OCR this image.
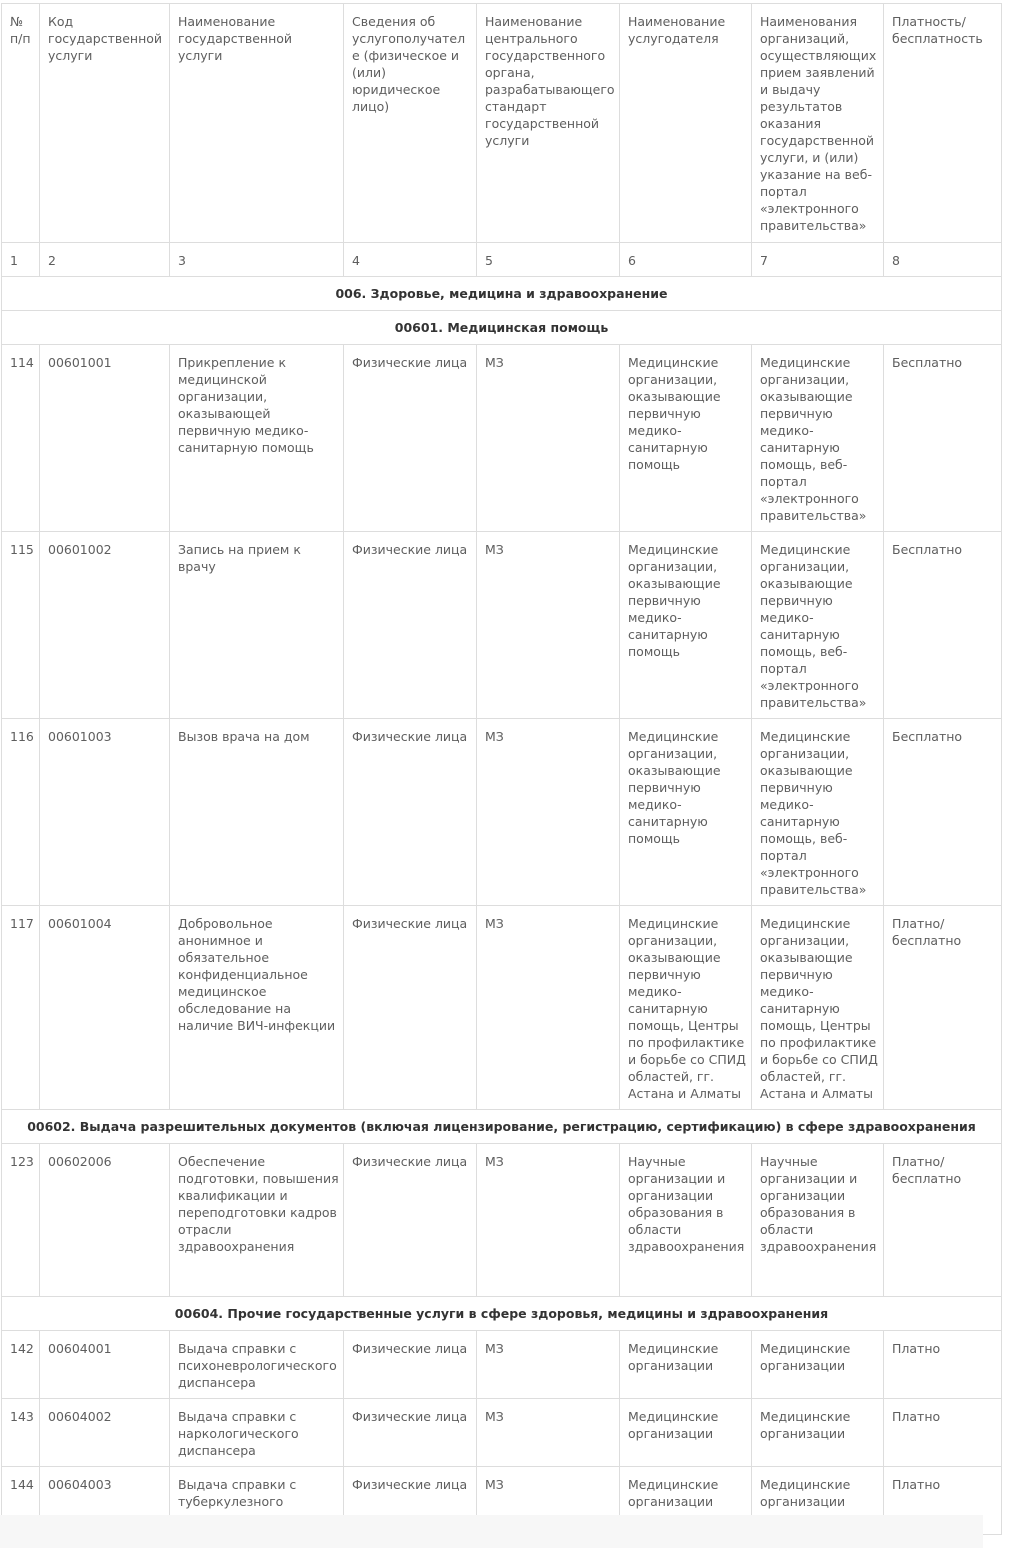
№ п/п	Код государственной услуги	Наименование государственной услуги	Сведения об услугополучателе (физическое и (или) юридическое лицо)	Наименование центрального государственного органа, разрабатывающего стандарт государственной услуги	Наименование услугодателя	Наименования организаций, осуществляющих прием заявлений и выдачу результатов оказания государственной услуги, и (или) указание на веб-портал «электронного правительства»	Платность/ бесплатность
1	2	3	4	5	6	7	8
006. Здоровье, медицина и здравоохранение							
00601. Медицинская помощь							
114	00601001	Прикрепление к медицинской организации, оказывающей первичную медико-санитарную помощь	Физические лица	МЗ	Медицинские организации, оказывающие первичную медико-санитарную помощь	Медицинские организации, оказывающие первичную медико-санитарную помощь, веб-портал «электронного правительства»	Бесплатно
115	00601002	Запись на прием к врачу	Физические лица	МЗ	Медицинские организации, оказывающие первичную медико-санитарную помощь	Медицинские организации, оказывающие первичную медико-санитарную помощь, веб-портал «электронного правительства»	Бесплатно
116	00601003	Вызов врача на дом	Физические лица	МЗ	Медицинские организации, оказывающие первичную медико-санитарную помощь	Медицинские организации, оказывающие первичную медико-санитарную помощь, веб-портал «электронного правительства»	Бесплатно
117	00601004	Добровольное анонимное и обязательное конфиденциальное медицинское обследование на наличие ВИЧ-инфекции	Физические лица	МЗ	Медицинские организации, оказывающие первичную медико-санитарную помощь, Центры по профилактике и борьбе со СПИД областей, гг. Астана и Алматы	Медицинские организации, оказывающие первичную медико-санитарную помощь, Центры по профилактике и борьбе со СПИД областей, гг. Астана и Алматы	Платно/ бесплатно
00602. Выдача разрешительных документов (включая лицензирование, регистрацию, сертификацию) в сфере здравоохранения							
123	00602006	Обеспечение подготовки, повышения квалификации и переподготовки кадров отрасли здравоохранения	Физические лица	МЗ	Научные организации и организации образования в области здравоохранения	Научные организации и организации образования в области здравоохранения	Платно/ бесплатно
00604. Прочие государственные услуги в сфере здоровья, медицины и здравоохранения							
142	00604001	Выдача справки с психоневрологического диспансера	Физические лица	МЗ	Медицинские организации	Медицинские организации	Платно
143	00604002	Выдача справки с наркологического диспансера	Физические лица	МЗ	Медицинские организации	Медицинские организации	Платно
144	00604003	Выдача справки с туберкулезного	Физические лица	МЗ	Медицинские организации	Медицинские организации	Платно
